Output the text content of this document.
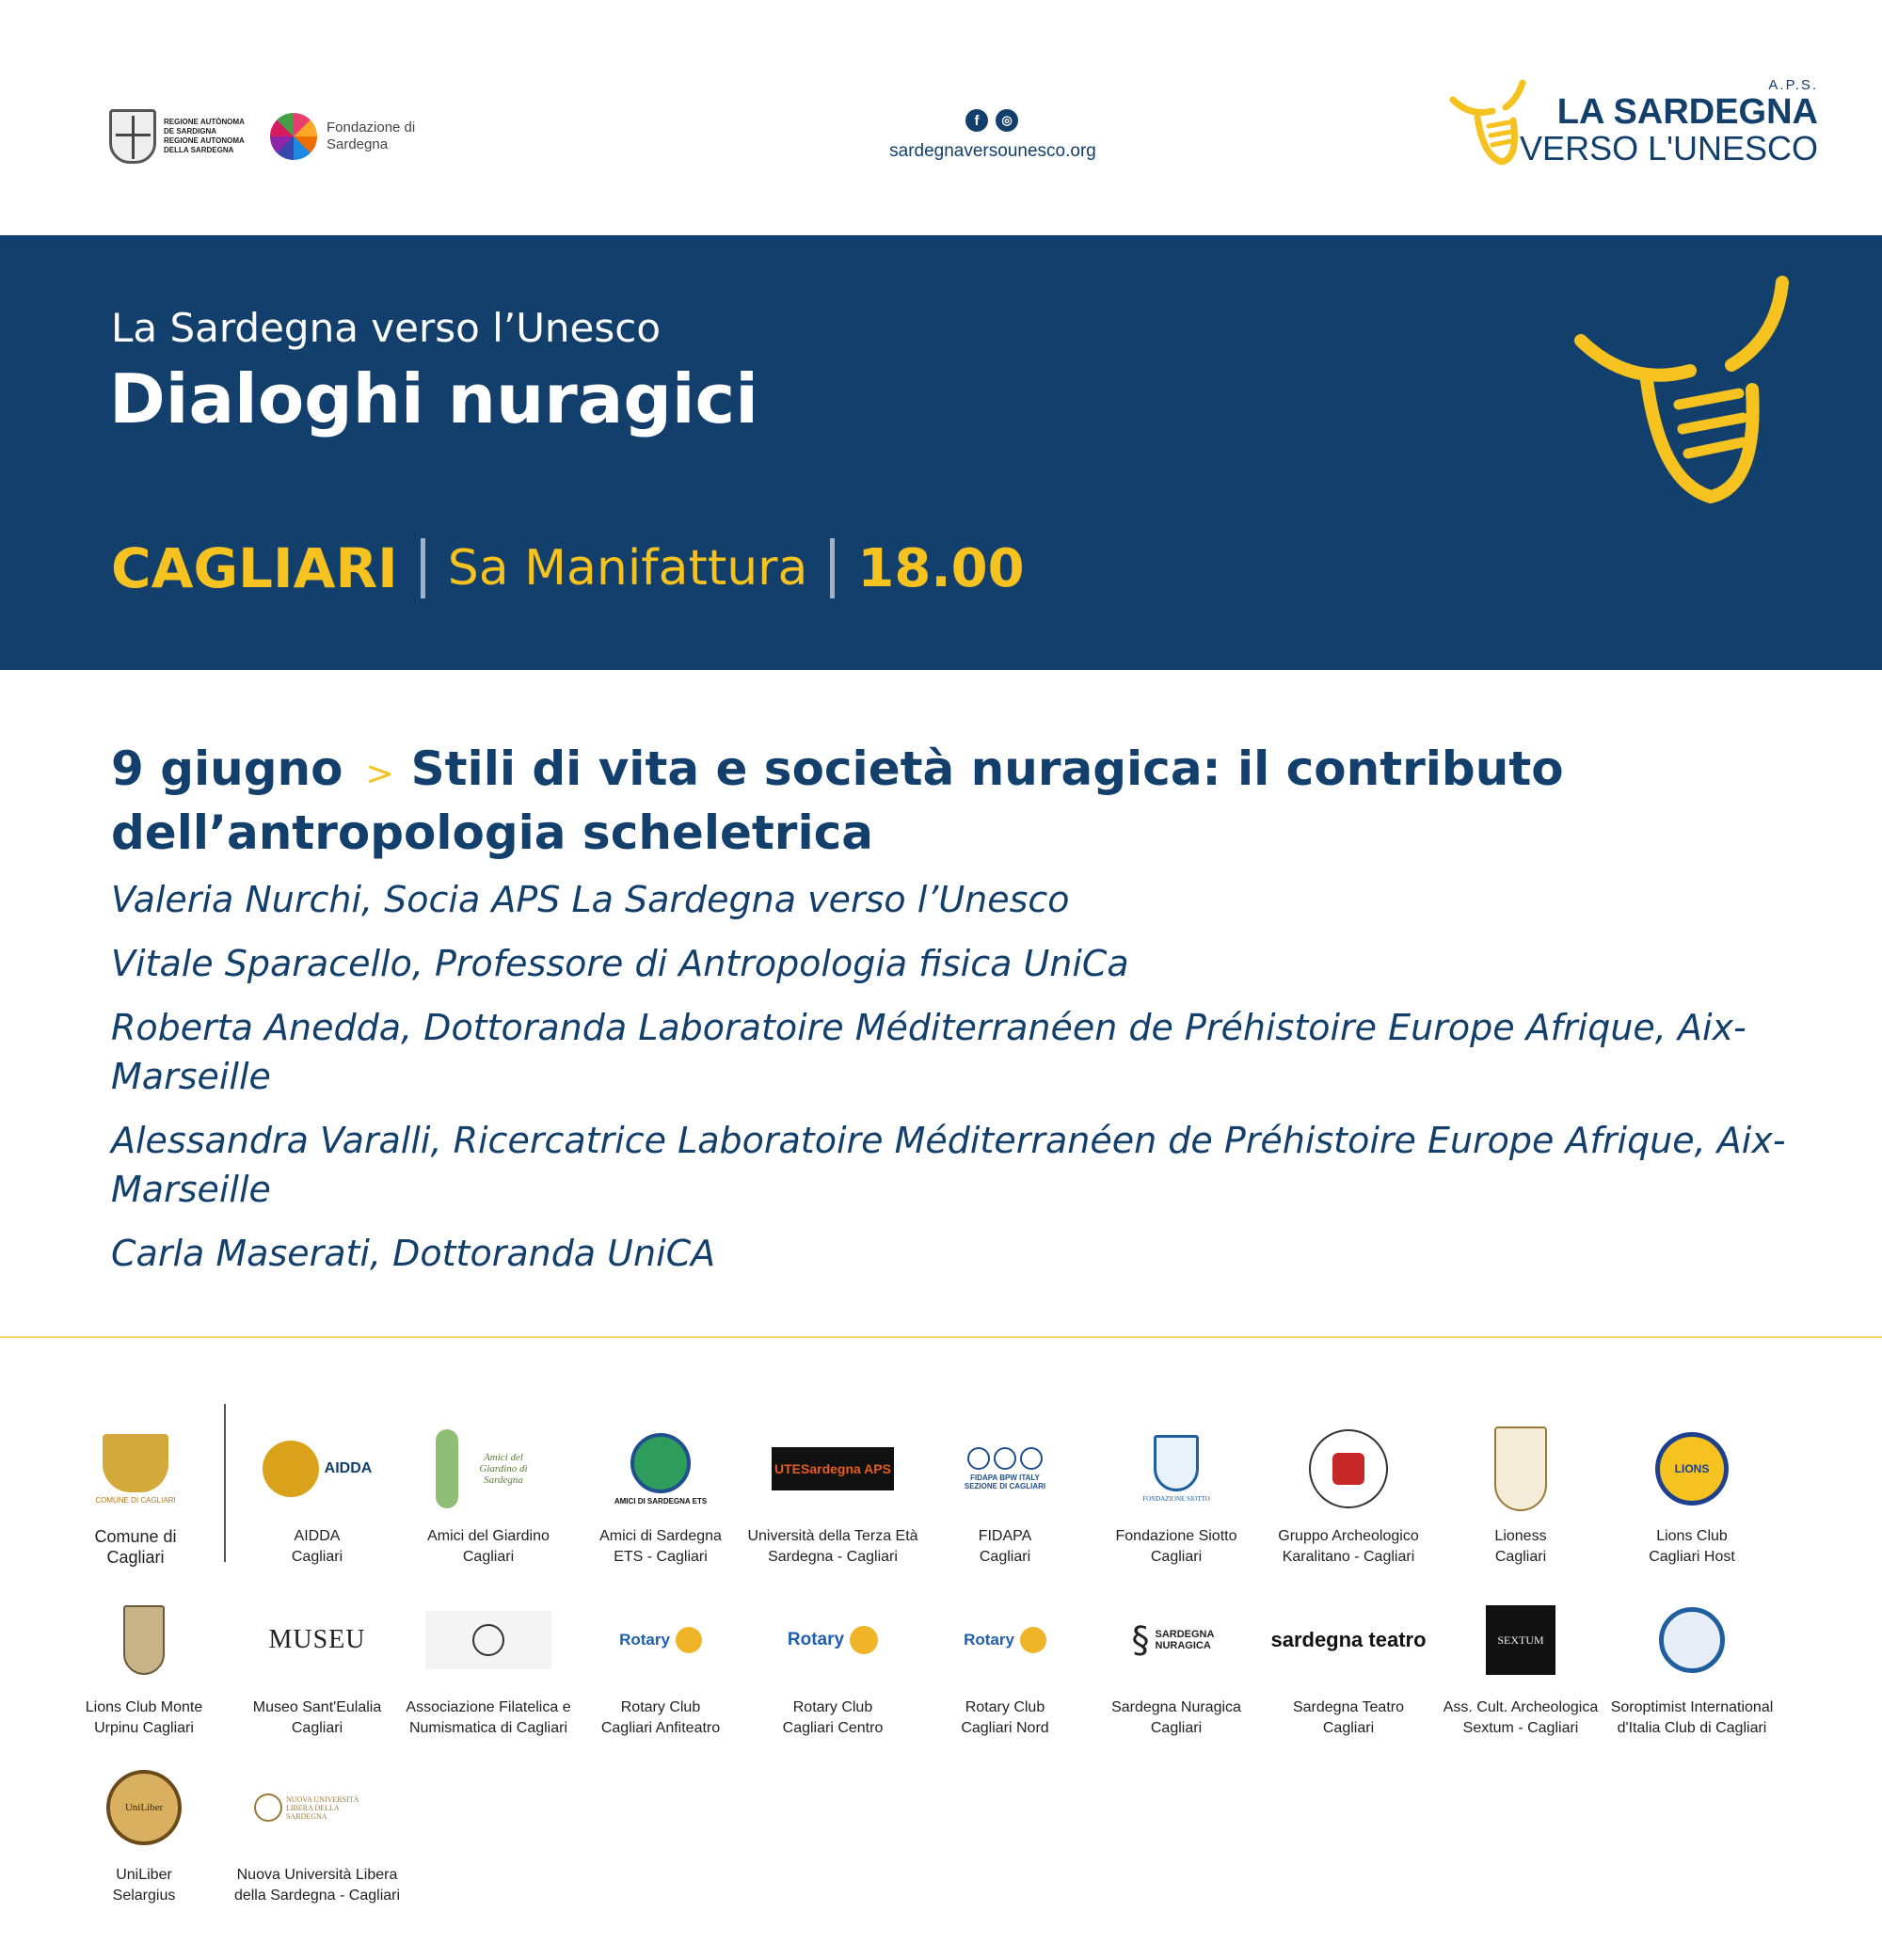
REGIONE AUTÒNOMA DE SARDIGNA REGIONE AUTONOMA DELLA SARDEGNA
Fondazione di Sardegna
f	◎
sardegnaversounesco.org
A.P.S.
LA SARDEGNA
VERSO L'UNESCO
La Sardegna verso l’Unesco
Dialoghi nuragici
CAGLIARI Sa Manifattura 18.00
9 giugno > Stili di vita e società nuragica: il contributo dell’antropologia scheletrica
Valeria Nurchi, Socia APS La Sardegna verso l’Unesco
Vitale Sparacello, Professore di Antropologia fisica UniCa
Roberta Anedda, Dottoranda Laboratoire Méditerranéen de Préhistoire Europe Afrique, Aix-Marseille
Alessandra Varalli, Ricercatrice Laboratoire Méditerranéen de Préhistoire Europe Afrique, Aix-Marseille
Carla Maserati, Dottoranda UniCA
COMUNE DI CAGLIARI
Comune di
Cagliari
AIDDA
AIDDA
Cagliari
Amici del Giardino di Sardegna
Amici del Giardino
Cagliari
AMICI DI SARDEGNA ETS
Amici di Sardegna
ETS - Cagliari
UTESardegna APS
Università della Terza Età
Sardegna - Cagliari
FIDAPA BPW ITALY SEZIONE DI CAGLIARI
FIDAPA
Cagliari
FONDAZIONE SIOTTO
Fondazione Siotto
Cagliari
Gruppo Archeologico
Karalitano - Cagliari
Lioness
Cagliari
LIONS
Lions Club
Cagliari Host
Lions Club Monte
Urpinu Cagliari
MUSEU
Museo Sant'Eulalia
Cagliari
Associazione Filatelica e
Numismatica di Cagliari
Rotary
Rotary Club
Cagliari Anfiteatro
Rotary
Rotary Club
Cagliari Centro
Rotary
Rotary Club
Cagliari Nord
§ SARDEGNA NURAGICA
Sardegna Nuragica
Cagliari
sardegna teatro
Sardegna Teatro
Cagliari
SEXTUM
Ass. Cult. Archeologica
Sextum - Cagliari
Soroptimist International
d'Italia Club di Cagliari
UniLiber
UniLiber
Selargius
NUOVA UNIVERSITÀ LIBERA DELLA SARDEGNA
Nuova Università Libera
della Sardegna - Cagliari
